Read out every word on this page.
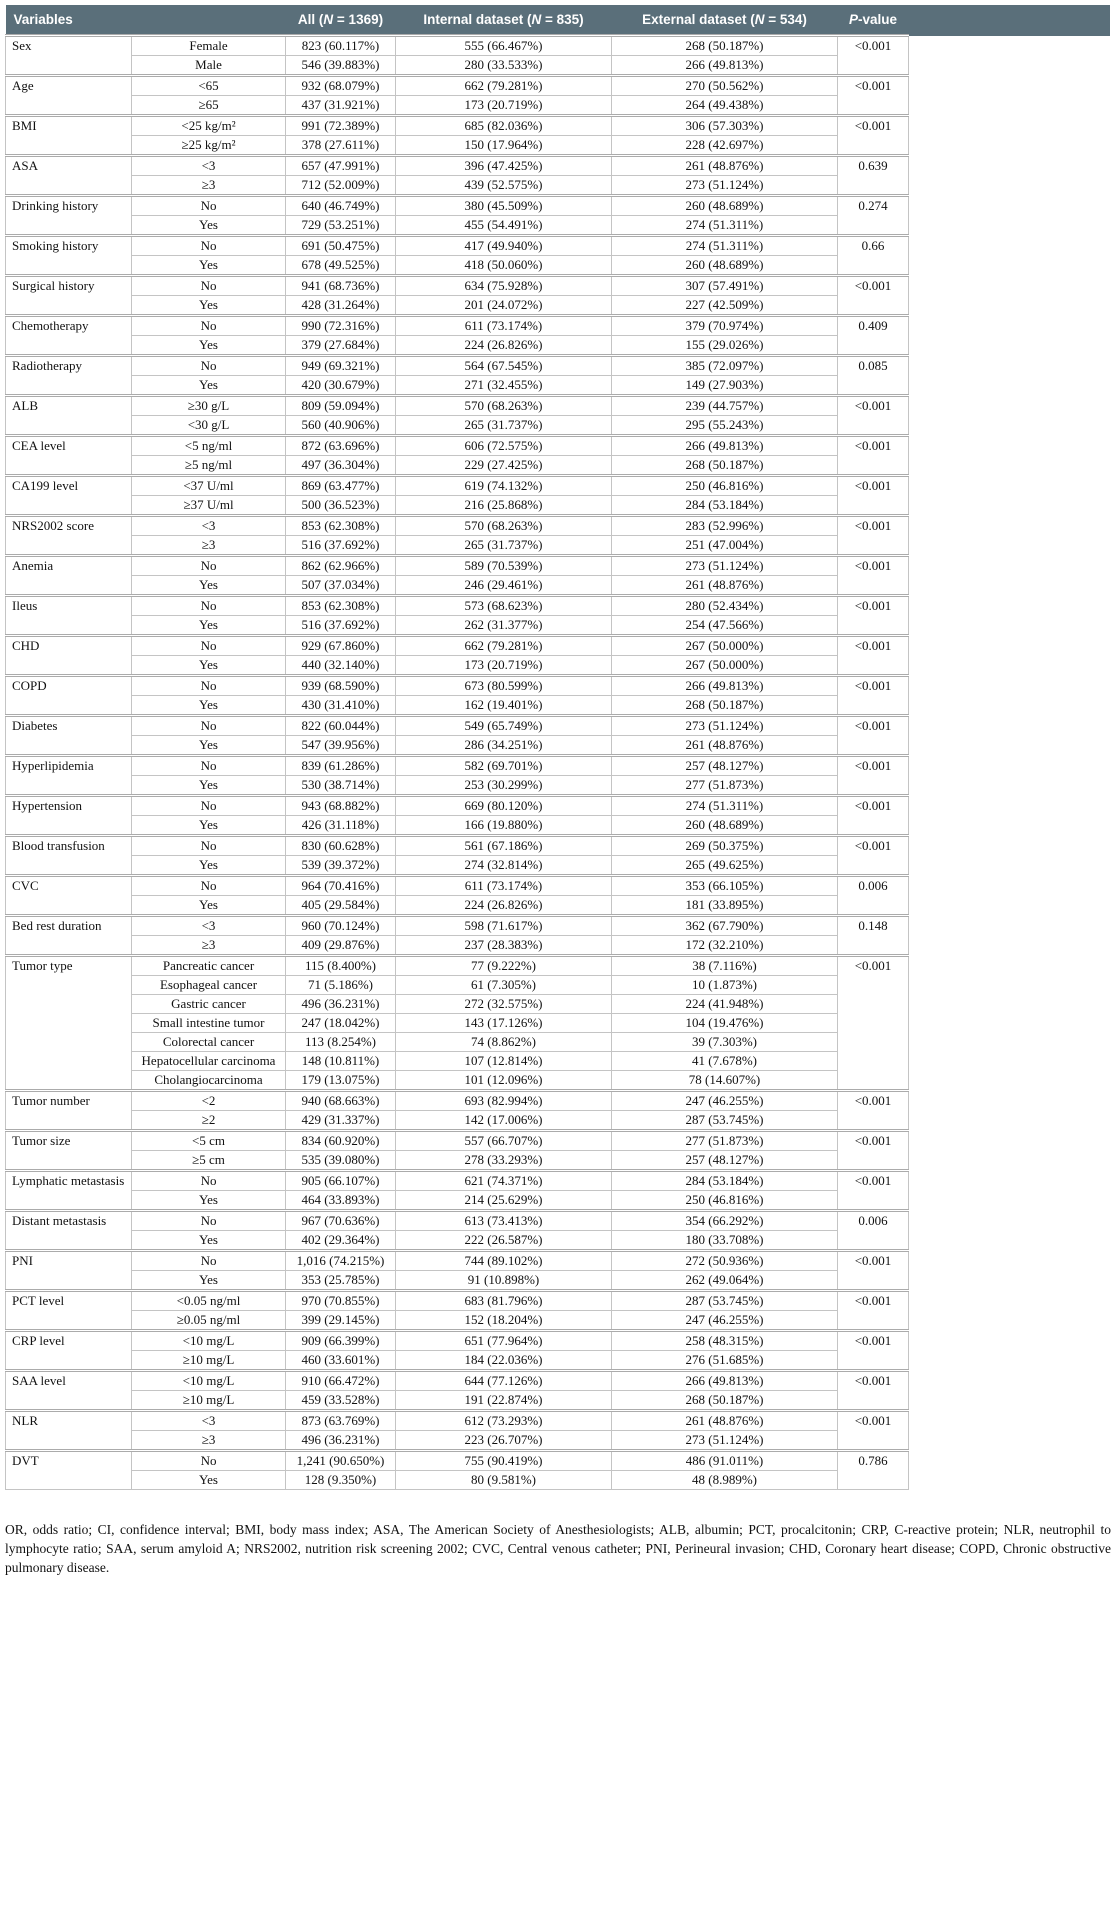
Variables		All (N = 1369)	Internal dataset (N = 835)	External dataset (N = 534)	P-value	
Sex	Female	823 (60.117%)	555 (66.467%)	268 (50.187%)	<0.001	
	Male	546 (39.883%)	280 (33.533%)	266 (49.813%)		
Age	<65	932 (68.079%)	662 (79.281%)	270 (50.562%)	<0.001	
	≥65	437 (31.921%)	173 (20.719%)	264 (49.438%)		
BMI	<25 kg/m²	991 (72.389%)	685 (82.036%)	306 (57.303%)	<0.001	
	≥25 kg/m²	378 (27.611%)	150 (17.964%)	228 (42.697%)		
ASA	<3	657 (47.991%)	396 (47.425%)	261 (48.876%)	0.639	
	≥3	712 (52.009%)	439 (52.575%)	273 (51.124%)		
Drinking history	No	640 (46.749%)	380 (45.509%)	260 (48.689%)	0.274	
	Yes	729 (53.251%)	455 (54.491%)	274 (51.311%)		
Smoking history	No	691 (50.475%)	417 (49.940%)	274 (51.311%)	0.66	
	Yes	678 (49.525%)	418 (50.060%)	260 (48.689%)		
Surgical history	No	941 (68.736%)	634 (75.928%)	307 (57.491%)	<0.001	
	Yes	428 (31.264%)	201 (24.072%)	227 (42.509%)		
Chemotherapy	No	990 (72.316%)	611 (73.174%)	379 (70.974%)	0.409	
	Yes	379 (27.684%)	224 (26.826%)	155 (29.026%)		
Radiotherapy	No	949 (69.321%)	564 (67.545%)	385 (72.097%)	0.085	
	Yes	420 (30.679%)	271 (32.455%)	149 (27.903%)		
ALB	≥30 g/L	809 (59.094%)	570 (68.263%)	239 (44.757%)	<0.001	
	<30 g/L	560 (40.906%)	265 (31.737%)	295 (55.243%)		
CEA level	<5 ng/ml	872 (63.696%)	606 (72.575%)	266 (49.813%)	<0.001	
	≥5 ng/ml	497 (36.304%)	229 (27.425%)	268 (50.187%)		
CA199 level	<37 U/ml	869 (63.477%)	619 (74.132%)	250 (46.816%)	<0.001	
	≥37 U/ml	500 (36.523%)	216 (25.868%)	284 (53.184%)		
NRS2002 score	<3	853 (62.308%)	570 (68.263%)	283 (52.996%)	<0.001	
	≥3	516 (37.692%)	265 (31.737%)	251 (47.004%)		
Anemia	No	862 (62.966%)	589 (70.539%)	273 (51.124%)	<0.001	
	Yes	507 (37.034%)	246 (29.461%)	261 (48.876%)		
Ileus	No	853 (62.308%)	573 (68.623%)	280 (52.434%)	<0.001	
	Yes	516 (37.692%)	262 (31.377%)	254 (47.566%)		
CHD	No	929 (67.860%)	662 (79.281%)	267 (50.000%)	<0.001	
	Yes	440 (32.140%)	173 (20.719%)	267 (50.000%)		
COPD	No	939 (68.590%)	673 (80.599%)	266 (49.813%)	<0.001	
	Yes	430 (31.410%)	162 (19.401%)	268 (50.187%)		
Diabetes	No	822 (60.044%)	549 (65.749%)	273 (51.124%)	<0.001	
	Yes	547 (39.956%)	286 (34.251%)	261 (48.876%)		
Hyperlipidemia	No	839 (61.286%)	582 (69.701%)	257 (48.127%)	<0.001	
	Yes	530 (38.714%)	253 (30.299%)	277 (51.873%)		
Hypertension	No	943 (68.882%)	669 (80.120%)	274 (51.311%)	<0.001	
	Yes	426 (31.118%)	166 (19.880%)	260 (48.689%)		
Blood transfusion	No	830 (60.628%)	561 (67.186%)	269 (50.375%)	<0.001	
	Yes	539 (39.372%)	274 (32.814%)	265 (49.625%)		
CVC	No	964 (70.416%)	611 (73.174%)	353 (66.105%)	0.006	
	Yes	405 (29.584%)	224 (26.826%)	181 (33.895%)		
Bed rest duration	<3	960 (70.124%)	598 (71.617%)	362 (67.790%)	0.148	
	≥3	409 (29.876%)	237 (28.383%)	172 (32.210%)		
Tumor type	Pancreatic cancer	115 (8.400%)	77 (9.222%)	38 (7.116%)	<0.001	
	Esophageal cancer	71 (5.186%)	61 (7.305%)	10 (1.873%)		
	Gastric cancer	496 (36.231%)	272 (32.575%)	224 (41.948%)		
	Small intestine tumor	247 (18.042%)	143 (17.126%)	104 (19.476%)		
	Colorectal cancer	113 (8.254%)	74 (8.862%)	39 (7.303%)		
	Hepatocellular carcinoma	148 (10.811%)	107 (12.814%)	41 (7.678%)		
	Cholangiocarcinoma	179 (13.075%)	101 (12.096%)	78 (14.607%)		
Tumor number	<2	940 (68.663%)	693 (82.994%)	247 (46.255%)	<0.001	
	≥2	429 (31.337%)	142 (17.006%)	287 (53.745%)		
Tumor size	<5 cm	834 (60.920%)	557 (66.707%)	277 (51.873%)	<0.001	
	≥5 cm	535 (39.080%)	278 (33.293%)	257 (48.127%)		
Lymphatic metastasis	No	905 (66.107%)	621 (74.371%)	284 (53.184%)	<0.001	
	Yes	464 (33.893%)	214 (25.629%)	250 (46.816%)		
Distant metastasis	No	967 (70.636%)	613 (73.413%)	354 (66.292%)	0.006	
	Yes	402 (29.364%)	222 (26.587%)	180 (33.708%)		
PNI	No	1,016 (74.215%)	744 (89.102%)	272 (50.936%)	<0.001	
	Yes	353 (25.785%)	91 (10.898%)	262 (49.064%)		
PCT level	<0.05 ng/ml	970 (70.855%)	683 (81.796%)	287 (53.745%)	<0.001	
	≥0.05 ng/ml	399 (29.145%)	152 (18.204%)	247 (46.255%)		
CRP level	<10 mg/L	909 (66.399%)	651 (77.964%)	258 (48.315%)	<0.001	
	≥10 mg/L	460 (33.601%)	184 (22.036%)	276 (51.685%)		
SAA level	<10 mg/L	910 (66.472%)	644 (77.126%)	266 (49.813%)	<0.001	
	≥10 mg/L	459 (33.528%)	191 (22.874%)	268 (50.187%)		
NLR	<3	873 (63.769%)	612 (73.293%)	261 (48.876%)	<0.001	
	≥3	496 (36.231%)	223 (26.707%)	273 (51.124%)		
DVT	No	1,241 (90.650%)	755 (90.419%)	486 (91.011%)	0.786	
	Yes	128 (9.350%)	80 (9.581%)	48 (8.989%)		

OR, odds ratio; CI, confidence interval; BMI, body mass index; ASA, The American Society of Anesthesiologists; ALB, albumin; PCT, procalcitonin; CRP, C-reactive protein; NLR, neutrophil to lymphocyte ratio; SAA, serum amyloid A; NRS2002, nutrition risk screening 2002; CVC, Central venous catheter; PNI, Perineural invasion; CHD, Coronary heart disease; COPD, Chronic obstructive pulmonary disease.
